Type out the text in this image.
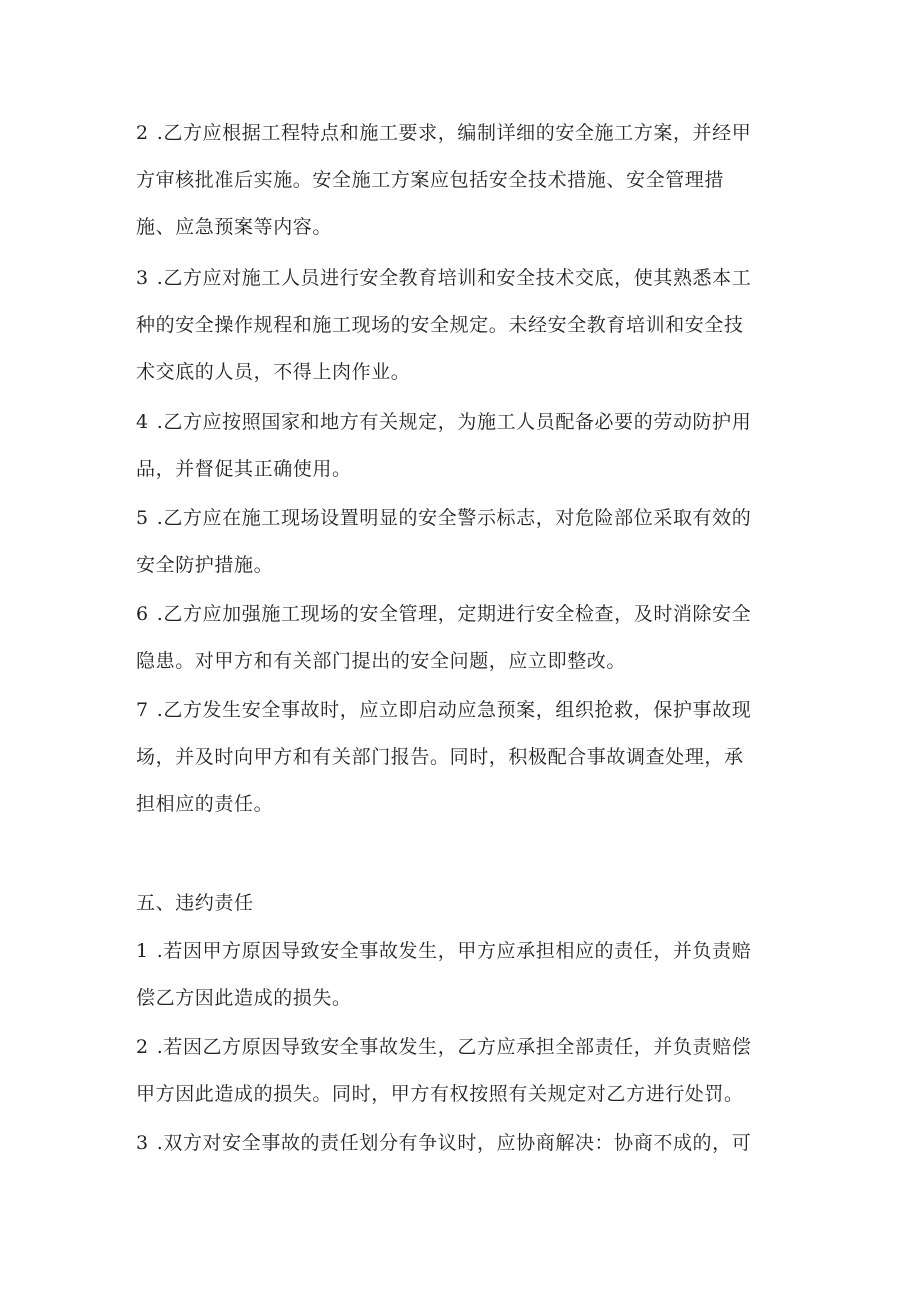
2 .乙方应根据工程特点和施工要求，编制详细的安全施工方案，并经甲
方审核批准后实施。安全施工方案应包括安全技术措施、安全管理措
施、应急预案等内容。
3 .乙方应对施工人员进行安全教育培训和安全技术交底，使其熟悉本工
种的安全操作规程和施工现场的安全规定。未经安全教育培训和安全技
术交底的人员，不得上肉作业。
4 .乙方应按照国家和地方有关规定，为施工人员配备必要的劳动防护用
品，并督促其正确使用。
5 .乙方应在施工现场设置明显的安全警示标志，对危险部位采取有效的
安全防护措施。
6 .乙方应加强施工现场的安全管理，定期进行安全检查，及时消除安全
隐患。对甲方和有关部门提出的安全问题，应立即整改。
7 .乙方发生安全事故时，应立即启动应急预案，组织抢救，保护事故现
场，并及时向甲方和有关部门报告。同时，积极配合事故调查处理，承
担相应的责任。
五、违约责任
1 .若因甲方原因导致安全事故发生，甲方应承担相应的责任，并负责赔
偿乙方因此造成的损失。
2 .若因乙方原因导致安全事故发生，乙方应承担全部责任，并负责赔偿
甲方因此造成的损失。同时，甲方有权按照有关规定对乙方进行处罚。
3 .双方对安全事故的责任划分有争议时，应协商解决：协商不成的，可
